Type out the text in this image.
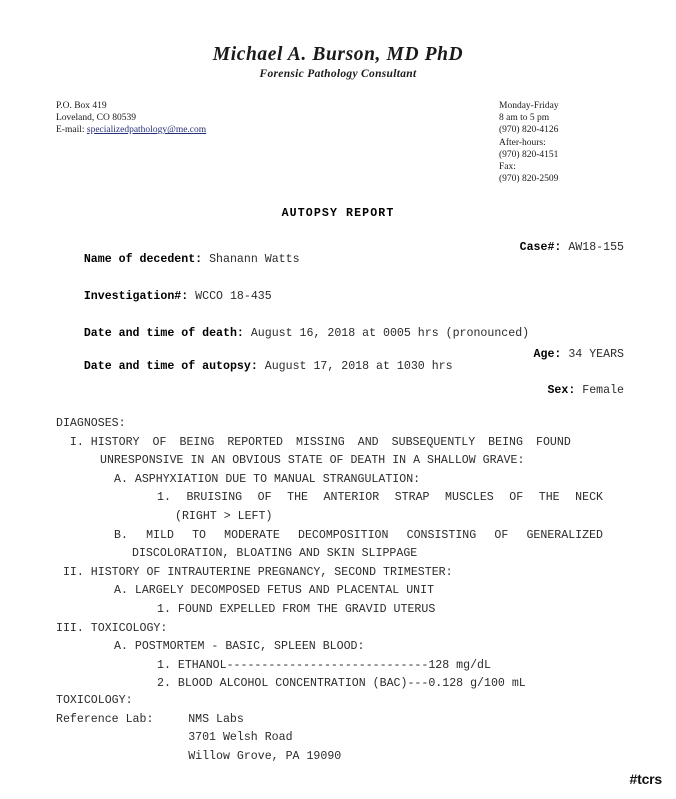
Michael A. Burson, MD PhD
Forensic Pathology Consultant
P.O. Box 419
Loveland, CO 80539
E-mail: specializedpathology@me.com
Monday-Friday
8 am to 5 pm
(970) 820-4126
After-hours:
(970) 820-4151
Fax:
(970) 820-2509
AUTOPSY REPORT

Name of decedent: Shanann Watts

Case#: AW18-155

Investigation#: WCCO 18-435

Date and time of death: August 16, 2018 at 0005 hrs (pronounced)

Date and time of autopsy: August 17, 2018 at 1030 hrs

Age: 34 YEARS

Sex: Female

DIAGNOSES:
I. HISTORY OF BEING REPORTED MISSING AND SUBSEQUENTLY BEING FOUND
UNRESPONSIVE IN AN OBVIOUS STATE OF DEATH IN A SHALLOW GRAVE:
A. ASPHYXIATION DUE TO MANUAL STRANGULATION:
1. BRUISING OF THE ANTERIOR STRAP MUSCLES OF THE NECK
(RIGHT > LEFT)
B. MILD TO MODERATE DECOMPOSITION CONSISTING OF GENERALIZED
DISCOLORATION, BLOATING AND SKIN SLIPPAGE
II. HISTORY OF INTRAUTERINE PREGNANCY, SECOND TRIMESTER:
A. LARGELY DECOMPOSED FETUS AND PLACENTAL UNIT
1. FOUND EXPELLED FROM THE GRAVID UTERUS
III. TOXICOLOGY:
A. POSTMORTEM - BASIC, SPLEEN BLOOD:
1. ETHANOL-----------------------------128 mg/dL
2. BLOOD ALCOHOL CONCENTRATION (BAC)---0.128 g/100 mL
TOXICOLOGY:
Reference Lab:     NMS Labs
3701 Welsh Road
Willow Grove, PA 19090
#tcrs
